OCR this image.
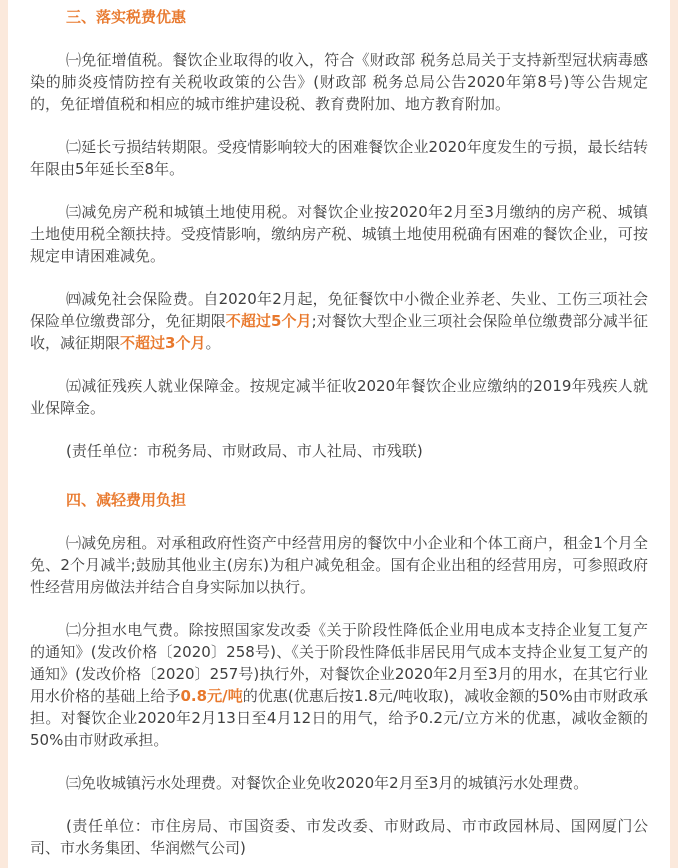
三、落实税费优惠

㈠免征增值税。餐饮企业取得的收入，符合《财政部 税务总局关于支持新型冠状病毒感染的肺炎疫情防控有关税收政策的公告》(财政部 税务总局公告2020年第8号)等公告规定的，免征增值税和相应的城市维护建设税、教育费附加、地方教育附加。

㈡延长亏损结转期限。受疫情影响较大的困难餐饮企业2020年度发生的亏损，最长结转年限由5年延长至8年。

㈢减免房产税和城镇土地使用税。对餐饮企业按2020年2月至3月缴纳的房产税、城镇土地使用税全额扶持。受疫情影响，缴纳房产税、城镇土地使用税确有困难的餐饮企业，可按规定申请困难减免。

㈣减免社会保险费。自2020年2月起，免征餐饮中小微企业养老、失业、工伤三项社会保险单位缴费部分，免征期限不超过5个月;对餐饮大型企业三项社会保险单位缴费部分减半征收，减征期限不超过3个月。

㈤减征残疾人就业保障金。按规定减半征收2020年餐饮企业应缴纳的2019年残疾人就业保障金。

(责任单位：市税务局、市财政局、市人社局、市残联)

四、减轻费用负担

㈠减免房租。对承租政府性资产中经营用房的餐饮中小企业和个体工商户，租金1个月全免、2个月减半;鼓励其他业主(房东)为租户减免租金。国有企业出租的经营用房，可参照政府性经营用房做法并结合自身实际加以执行。

㈡分担水电气费。除按照国家发改委《关于阶段性降低企业用电成本支持企业复工复产的通知》(发改价格〔2020〕258号)、《关于阶段性降低非居民用气成本支持企业复工复产的通知》(发改价格〔2020〕257号)执行外，对餐饮企业2020年2月至3月的用水，在其它行业用水价格的基础上给予0.8元/吨的优惠(优惠后按1.8元/吨收取)，减收金额的50%由市财政承担。对餐饮企业2020年2月13日至4月12日的用气，给予0.2元/立方米的优惠，减收金额的50%由市财政承担。

㈢免收城镇污水处理费。对餐饮企业免收2020年2月至3月的城镇污水处理费。

(责任单位：市住房局、市国资委、市发改委、市财政局、市市政园林局、国网厦门公司、市水务集团、华润燃气公司)
